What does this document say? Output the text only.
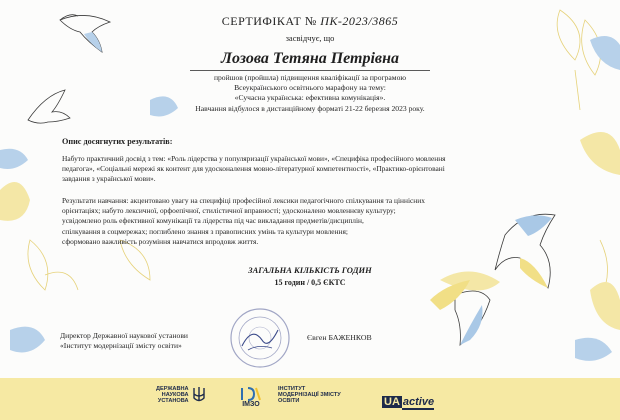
СЕРТИФІКАТ № ПК-2023/3865
засвідчує, що
Лозова Тетяна Петрівна
пройшов (пройшла) підвищення кваліфікації за програмою
Всеукраїнського освітнього марафону на тему:
«Сучасна українська: ефективна комунікація».
Навчання відбулося в дистанційному форматі 21-22 березня 2023 року.
Опис досягнутих результатів:
Набуто практичний досвід з тем: «Роль лідерства у популяризації української мови», «Специфіка професійного мовлення
педагога», «Соціальні мережі як контент для удосконалення мовно-літературної компетентності», «Практико-орієнтовані
завдання з української мови».
Результати навчання: акцентовано увагу на специфіці професійної лексики педагогічного спілкування та ціннісних
орієнтаціях; набуто лексичної, орфоепічної, стилістичної вправності; удосконалено мовленнєву культуру;
усвідомлено роль ефективної комунікації та лідерства під час викладання предметів/дисциплін,
спілкування в соцмережах; поглиблено знання з правописних умінь та культури мовлення;
сформовано важливість розуміння навчатися впродовж життя.
ЗАГАЛЬНА КІЛЬКІСТЬ ГОДИН
15 годин / 0,5 ЄКТС
Директор Державної наукової установи
«Інститут модернізації змісту освіти»
Євген БАЖЕНКОВ
ДЕРЖАВНА
НАУКОВА
УСТАНОВА	ІМЗО
ІНСТИТУТ
МОДЕРНІЗАЦІЇ ЗМІСТУ
ОСВІТИ	UA active
